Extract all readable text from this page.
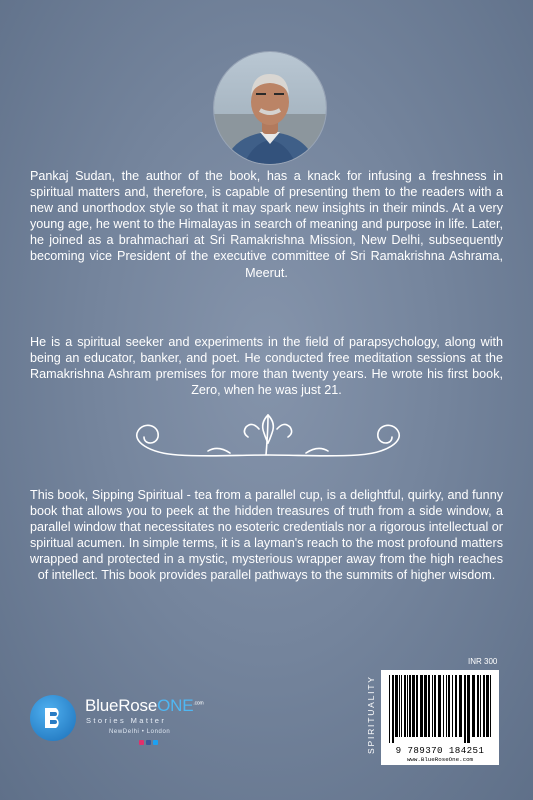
Pankaj Sudan, the author of the book, has a knack for infusing a freshness in spiritual matters and, therefore, is capable of presenting them to the readers with a new and unorthodox style so that it may spark new insights in their minds. At a very young age, he went to the Himalayas in search of meaning and purpose in life. Later, he joined as a brahmachari at Sri Ramakrishna Mission, New Delhi, subsequently becoming vice President of the executive committee of Sri Ramakrishna Ashrama, Meerut.

He is a spiritual seeker and experiments in the field of parapsychology, along with being an educator, banker, and poet. He conducted free meditation sessions at the Ramakrishna Ashram premises for more than twenty years. He wrote his first book, Zero, when he was just 21.

This book, Sipping Spiritual - tea from a parallel cup, is a delightful, quirky, and funny book that allows you to peek at the hidden treasures of truth from a side window, a parallel window that necessitates no esoteric credentials nor a rigorous intellectual or spiritual acumen. In simple terms, it is a layman's reach to the most profound matters wrapped and protected in a mystic, mysterious wrapper away from the high reaches of intellect. This book provides parallel pathways to the summits of higher wisdom.

BlueRoseONE$^{.com}$
Stories Matter
NewDelhi • London
INR 300
SPIRITUALITY	9 789370 184251
www.BlueRoseOne.com
